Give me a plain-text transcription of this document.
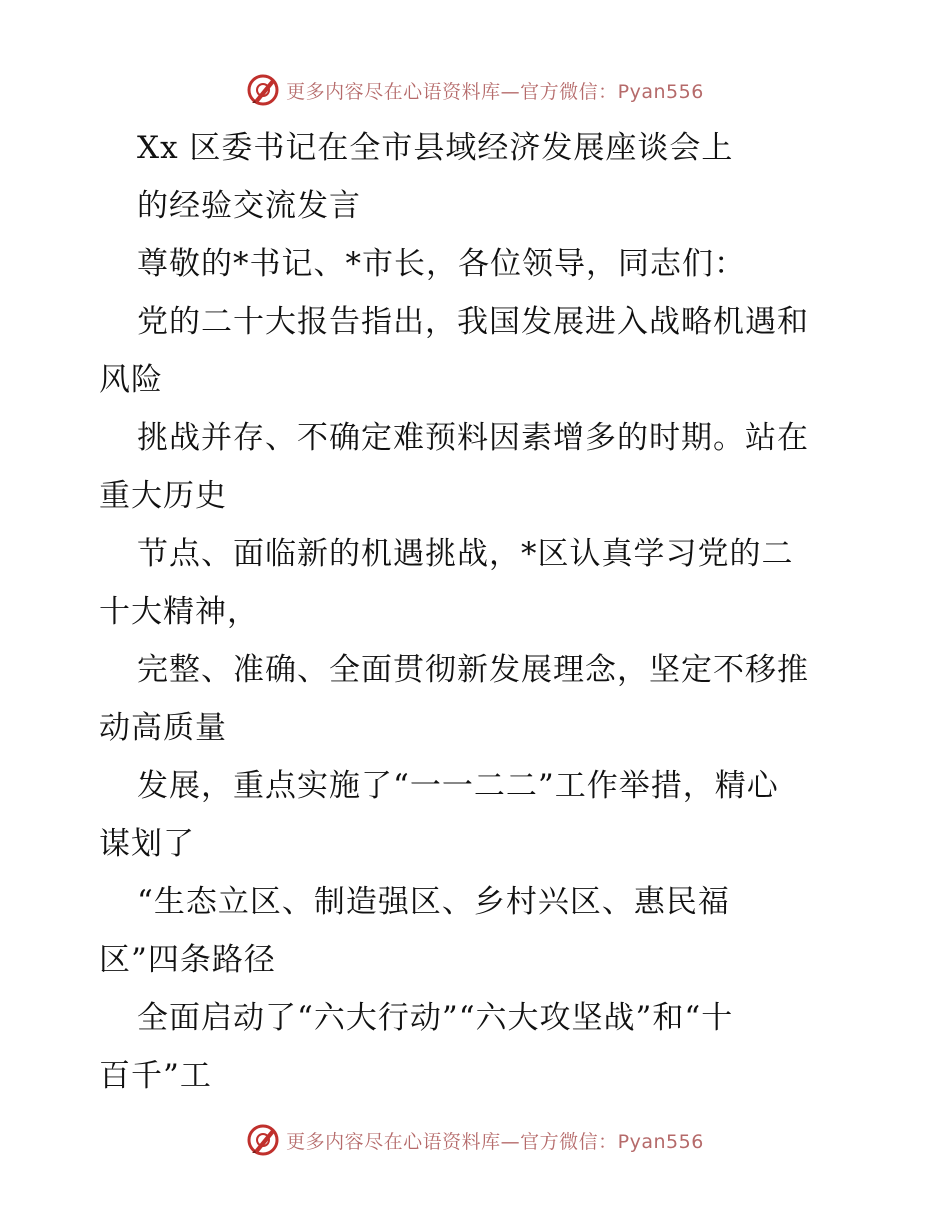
更多内容尽在心语资料库—官方微信：Pyan556
Xx 区委书记在全市县域经济发展座谈会上
的经验交流发言
尊敬的*书记、*市长，各位领导，同志们：
党的二十大报告指出，我国发展进入战略机遇和
风险
挑战并存、不确定难预料因素增多的时期。站在
重大历史
节点、面临新的机遇挑战，*区认真学习党的二
十大精神，
完整、准确、全面贯彻新发展理念，坚定不移推
动高质量
发展，重点实施了“一一二二”工作举措，精心
谋划了
“生态立区、制造强区、乡村兴区、惠民福
区”四条路径
全面启动了“六大行动”“六大攻坚战”和“十
百千”工
更多内容尽在心语资料库—官方微信：Pyan556
